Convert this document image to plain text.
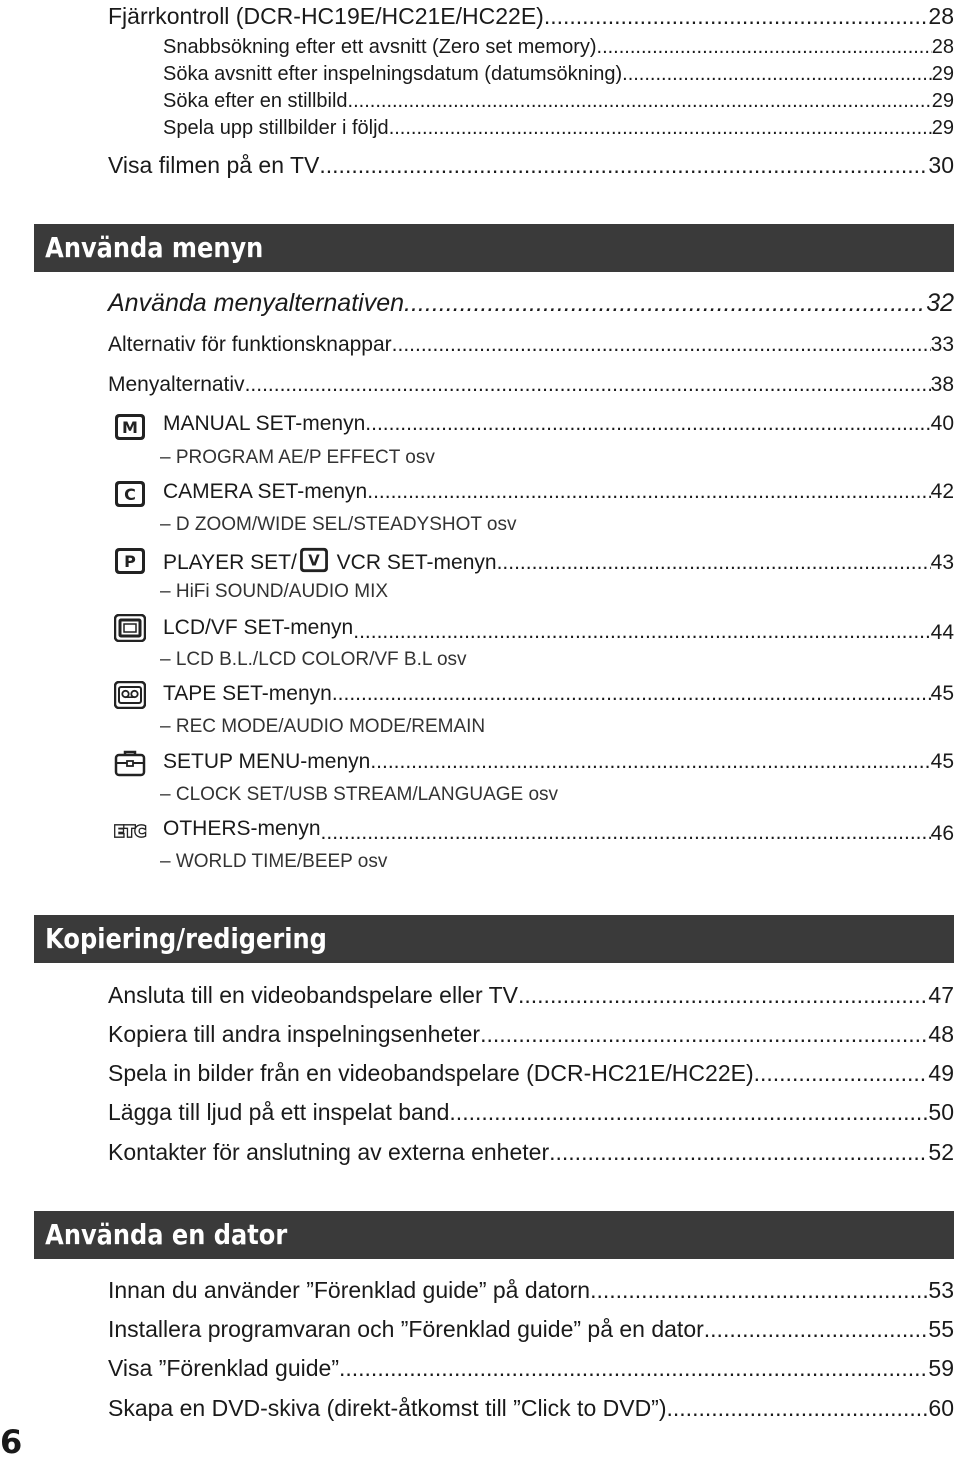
Fjärrkontroll (DCR-HC19E/HC21E/HC22E) .....	28
Snabbsökning efter ett avsnitt (Zero set memory) .....	28
Söka avsnitt efter inspelningsdatum (datumsökning) .....	29
Söka efter en stillbild .....	29
Spela upp stillbilder i följd .....	29
Visa filmen på en TV .....	30
Använda menyn
Använda menyalternativen .....	32
Alternativ för funktionsknappar .....	33
Menyalternativ .....	38
M MANUAL SET-menyn .....	40
– PROGRAM AE/P EFFECT osv
C CAMERA SET-menyn .....	42
– D ZOOM/WIDE SEL/STEADYSHOT osv
P PLAYER SET/ V VCR SET-menyn .....	43
– HiFi SOUND/AUDIO MIX
LCD/VF SET-menyn .....	44
– LCD B.L./LCD COLOR/VF B.L osv
TAPE SET-menyn .....	45
– REC MODE/AUDIO MODE/REMAIN
SETUP MENU-menyn .....	45
– CLOCK SET/USB STREAM/LANGUAGE osv
ETC OTHERS-menyn .....	46
– WORLD TIME/BEEP osv
Kopiering/redigering
Ansluta till en videobandspelare eller TV .....	47
Kopiera till andra inspelningsenheter .....	48
Spela in bilder från en videobandspelare (DCR-HC21E/HC22E) .....	49
Lägga till ljud på ett inspelat band .....	50
Kontakter för anslutning av externa enheter .....	52
Använda en dator
Innan du använder ”Förenklad guide” på datorn .....	53
Installera programvaran och ”Förenklad guide” på en dator .....	55
Visa ”Förenklad guide” .....	59
Skapa en DVD-skiva (direkt-åtkomst till ”Click to DVD”) .....	60
6
